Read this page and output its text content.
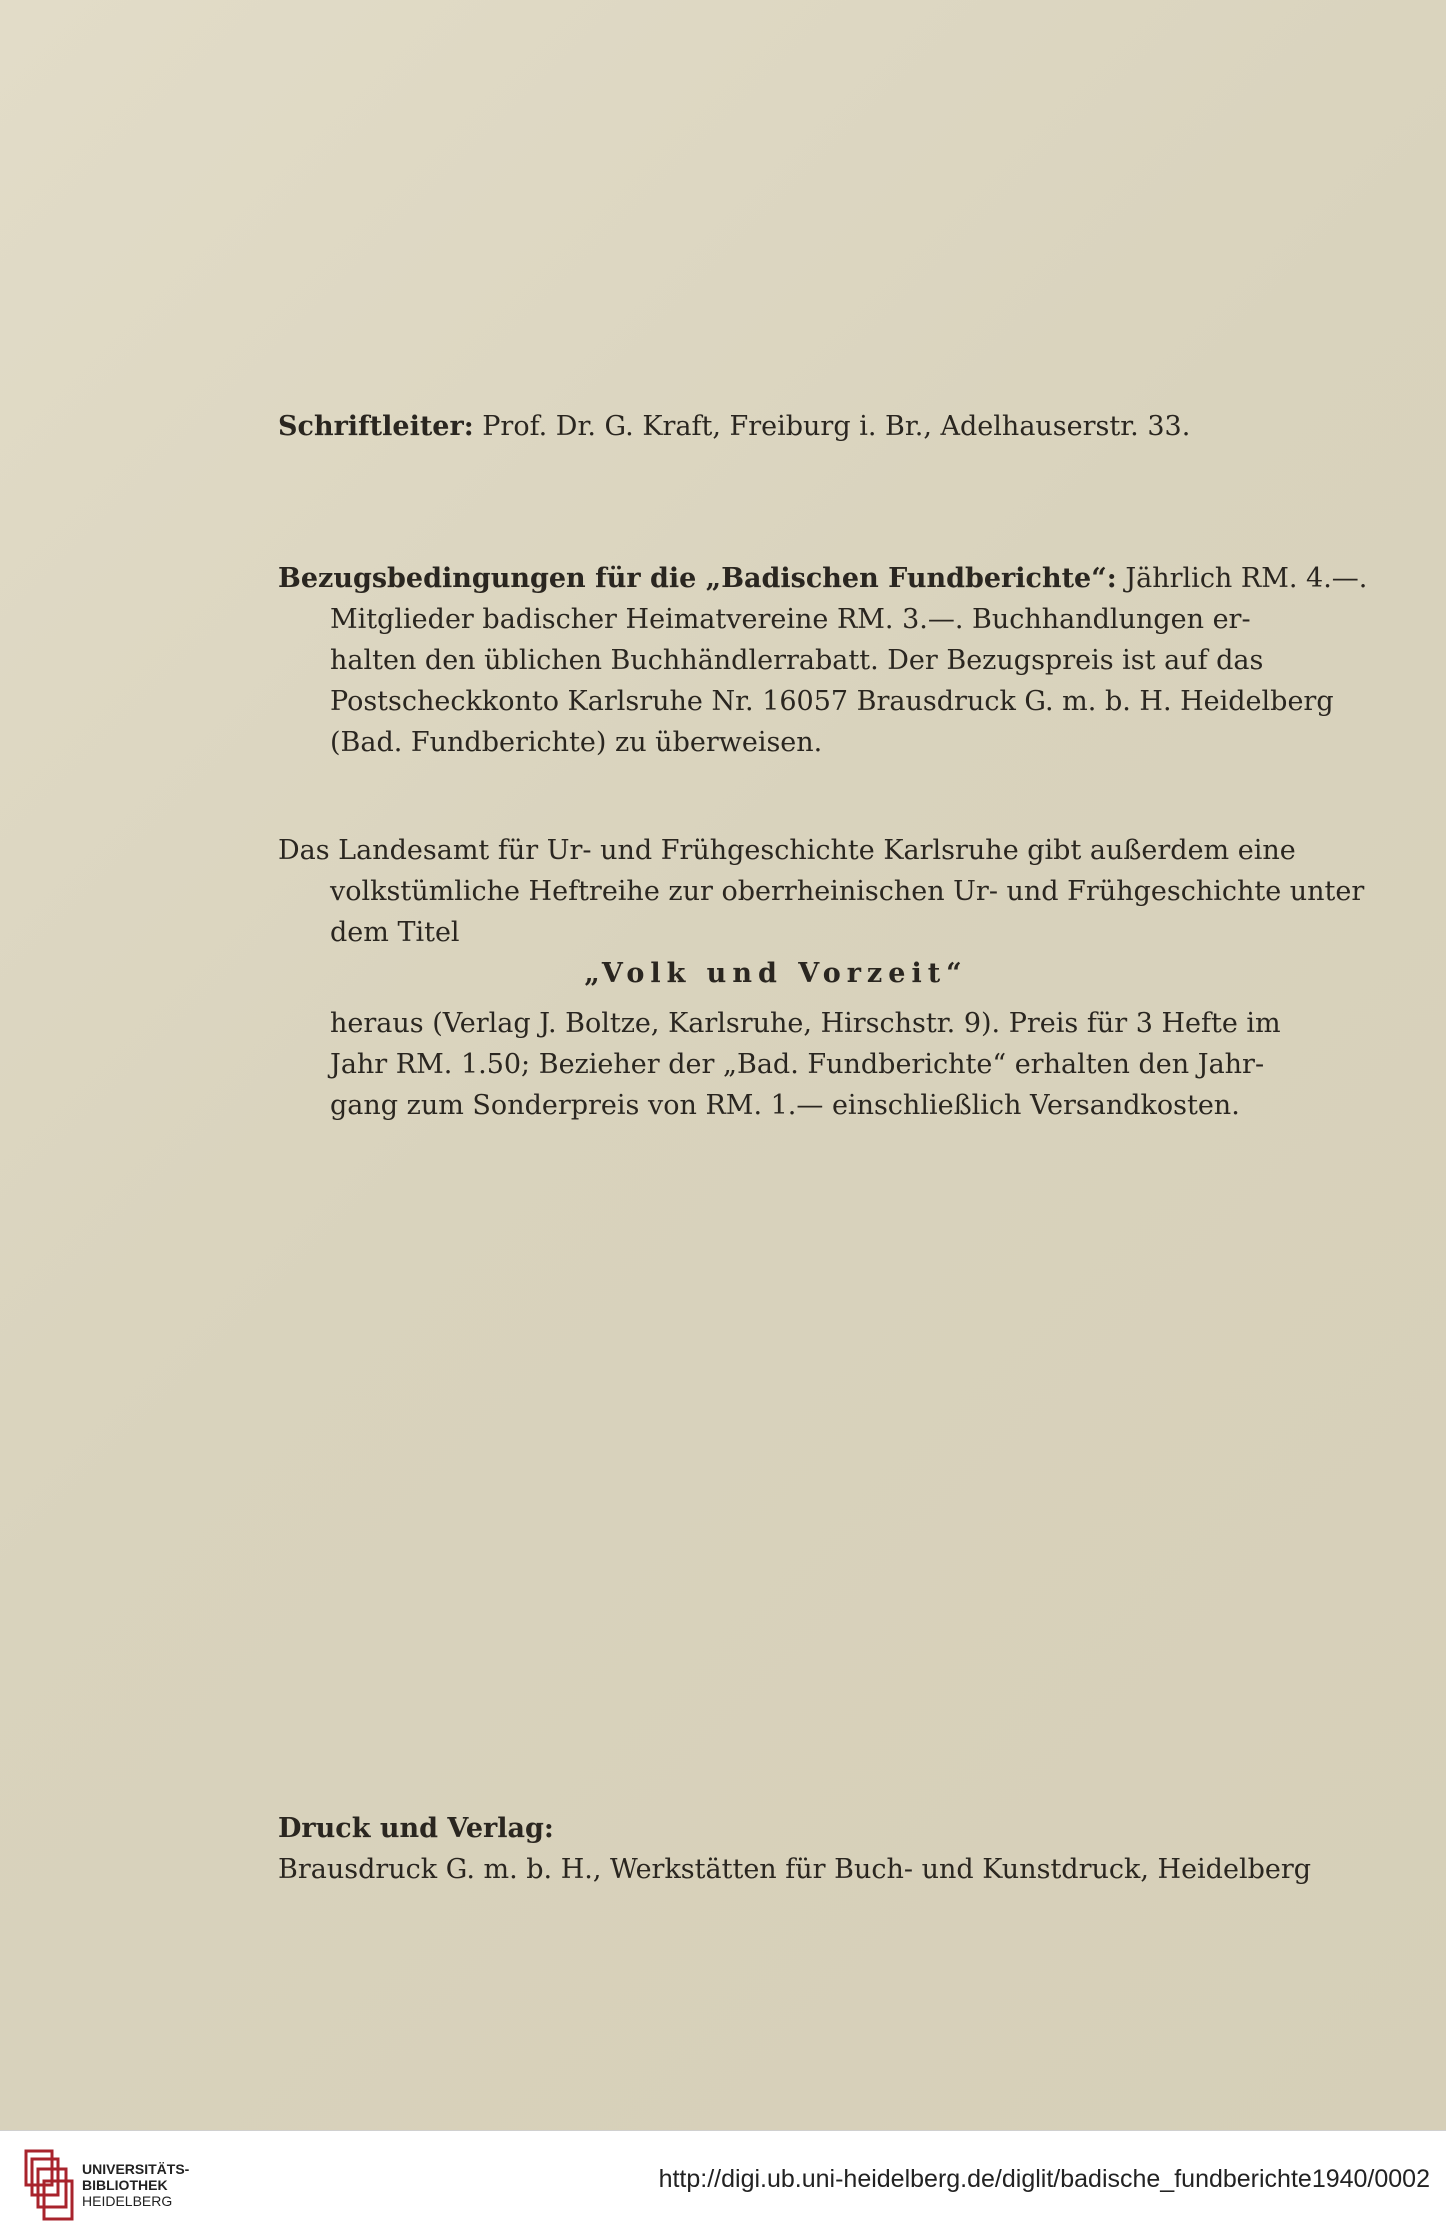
Schriftleiter: Prof. Dr. G. Kraft, Freiburg i. Br., Adelhauserstr. 33.
Bezugsbedingungen für die „Badischen Fundberichte“: Jährlich RM. 4.—.
Mitglieder badischer Heimatvereine RM. 3.—. Buchhandlungen er-
halten den üblichen Buchhändlerrabatt. Der Bezugspreis ist auf das
Postscheckkonto Karlsruhe Nr. 16057 Brausdruck G. m. b. H. Heidelberg
(Bad. Fundberichte) zu überweisen.
Das Landesamt für Ur- und Frühgeschichte Karlsruhe gibt außerdem eine
volkstümliche Heftreihe zur oberrheinischen Ur- und Frühgeschichte unter
dem Titel
„Volk und Vorzeit“
heraus (Verlag J. Boltze, Karlsruhe, Hirschstr. 9). Preis für 3 Hefte im
Jahr RM. 1.50; Bezieher der „Bad. Fundberichte“ erhalten den Jahr-
gang zum Sonderpreis von RM. 1.— einschließlich Versandkosten.
Druck und Verlag:
Brausdruck G. m. b. H., Werkstätten für Buch- und Kunstdruck, Heidelberg
UNIVERSITÄTS-
BIBLIOTHEK
HEIDELBERG
http://digi.ub.uni-heidelberg.de/diglit/badische_fundberichte1940/0002
